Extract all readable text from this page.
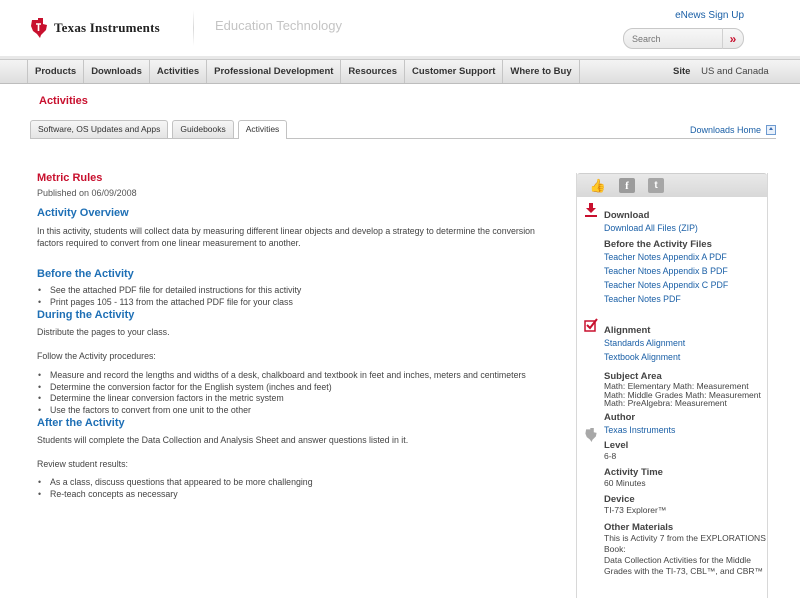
Texas Instruments	Education Technology
eNews Sign Up
Search
»
Products	Downloads	Activities	Professional Development	Resources	Customer Support	Where to Buy	Site US and Canada
Activities
Software, OS Updates and Apps	Guidebooks	Activities	Downloads Home
Metric Rules
Published on 06/09/2008
Activity Overview

In this activity, students will collect data by measuring different linear objects and develop a strategy to determine the conversion factors required to convert from one linear measurement to another.

Before the Activity
• See the attached PDF file for detailed instructions for this activity
• Print pages 105 - 113 from the attached PDF file for your class
During the Activity

Distribute the pages to your class.

Follow the Activity procedures:

• Measure and record the lengths and widths of a desk, chalkboard and textbook in feet and inches, meters and centimeters
• Determine the conversion factor for the English system (inches and feet)
• Determine the linear conversion factors in the metric system
• Use the factors to convert from one unit to the other
After the Activity

Students will complete the Data Collection and Analysis Sheet and answer questions listed in it.

Review student results:

• As a class, discuss questions that appeared to be more challenging
• Re-teach concepts as necessary
👍	f	t
Download
Download All Files (ZIP)
Before the Activity Files
Teacher Notes Appendix A PDF
Teacher Ntoes Appendix B PDF
Teacher Notes Appendix C PDF
Teacher Notes PDF
Alignment
Standards Alignment
Textbook Alignment
Subject Area
Math: Elementary Math: Measurement
Math: Middle Grades Math: Measurement
Math: PreAlgebra: Measurement
Author
Texas Instruments
Level
6-8
Activity Time
60 Minutes
Device
TI-73 Explorer™
Other Materials
This is Activity 7 from the EXPLORATIONS
Book:
Data Collection Activities for the Middle
Grades with the TI-73, CBL™, and CBR™
